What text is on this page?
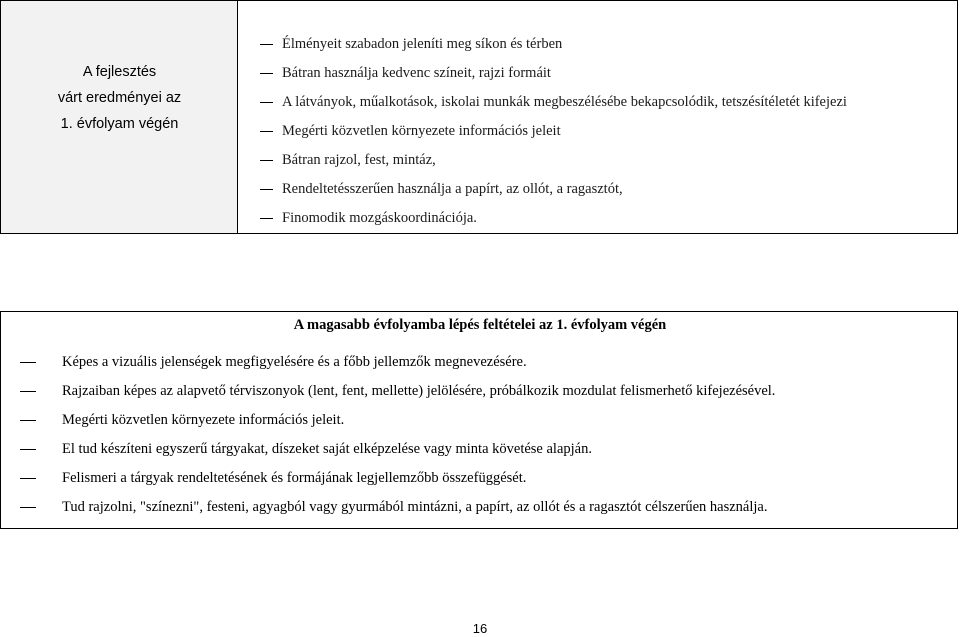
A fejlesztés
várt eredményei az
1. évfolyam végén
Élményeit szabadon jeleníti meg síkon és térben
Bátran használja kedvenc színeit, rajzi formáit
A látványok, műalkotások, iskolai munkák megbeszélésébe bekapcsolódik, tetszésítéletét kifejezi
Megérti közvetlen környezete információs jeleit
Bátran rajzol, fest, mintáz,
Rendeltetésszerűen használja a papírt, az ollót, a ragasztót,
Finomodik mozgáskoordinációja.
A magasabb évfolyamba lépés feltételei az 1. évfolyam végén
Képes a vizuális jelenségek megfigyelésére és a főbb jellemzők megnevezésére.
Rajzaiban képes az alapvető térviszonyok (lent, fent, mellette) jelölésére, próbálkozik mozdulat felismerhető kifejezésével.
Megérti közvetlen környezete információs jeleit.
El tud készíteni egyszerű tárgyakat, díszeket saját elképzelése vagy minta követése alapján.
Felismeri a tárgyak rendeltetésének és formájának legjellemzőbb összefüggését.
Tud rajzolni, "színezni", festeni, agyagból vagy gyurmából mintázni, a papírt, az ollót és a ragasztót célszerűen használja.
16
